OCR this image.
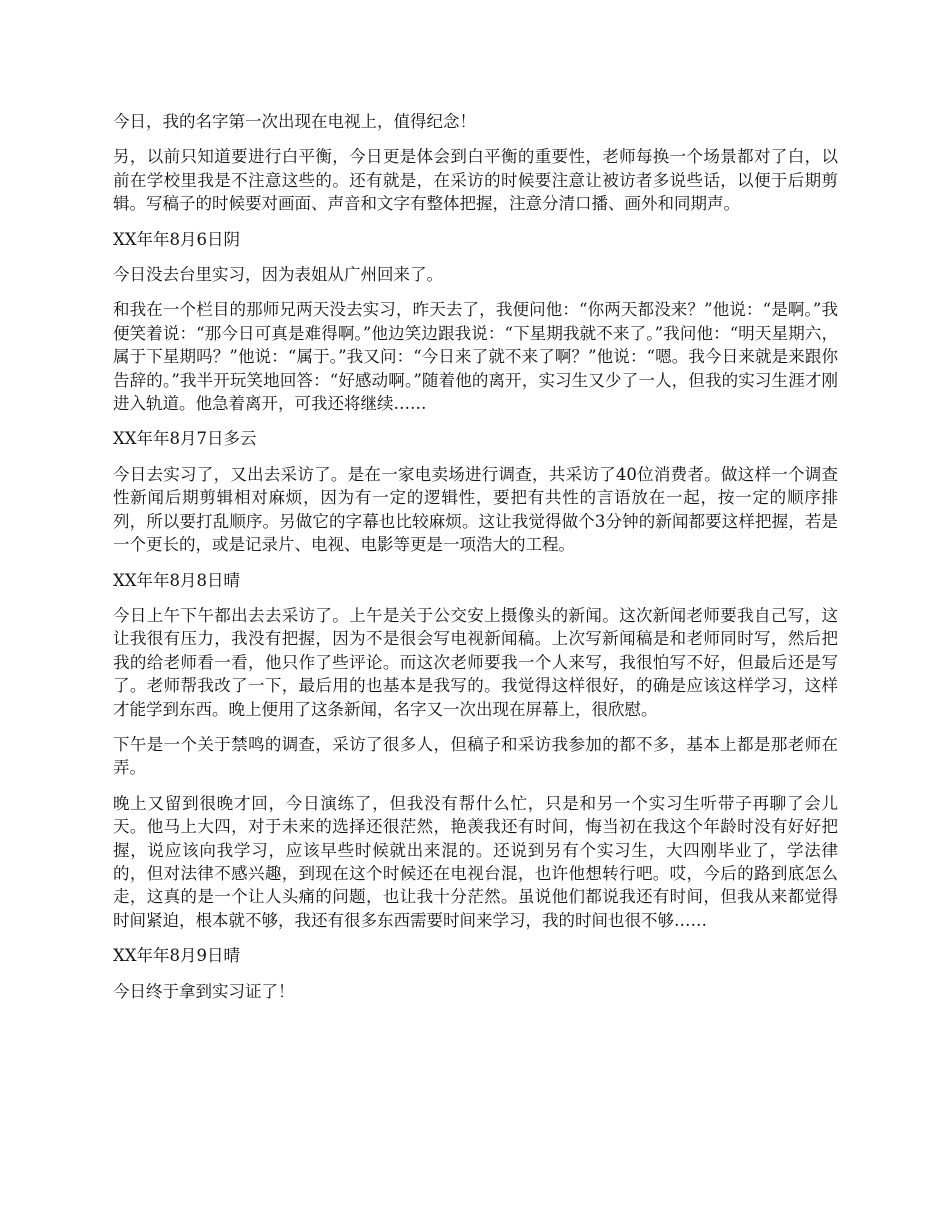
今日，我的名字第一次出现在电视上，值得纪念！

另，以前只知道要进行白平衡，今日更是体会到白平衡的重要性，老师每换一个场景都对了白，以前在学校里我是不注意这些的。还有就是，在采访的时候要注意让被访者多说些话，以便于后期剪辑。写稿子的时候要对画面、声音和文字有整体把握，注意分清口播、画外和同期声。

XX年年8月6日阴

今日没去台里实习，因为表姐从广州回来了。

和我在一个栏目的那师兄两天没去实习，昨天去了，我便问他：“你两天都没来？”他说：“是啊。”我便笑着说：“那今日可真是难得啊。”他边笑边跟我说：“下星期我就不来了。”我问他：“明天星期六，属于下星期吗？”他说：“属于。”我又问：“今日来了就不来了啊？”他说：“嗯。我今日来就是来跟你告辞的。”我半开玩笑地回答：“好感动啊。”随着他的离开，实习生又少了一人，但我的实习生涯才刚进入轨道。他急着离开，可我还将继续……

XX年年8月7日多云

今日去实习了，又出去采访了。是在一家电卖场进行调查，共采访了40位消费者。做这样一个调查性新闻后期剪辑相对麻烦，因为有一定的逻辑性，要把有共性的言语放在一起，按一定的顺序排列，所以要打乱顺序。另做它的字幕也比较麻烦。这让我觉得做个3分钟的新闻都要这样把握，若是一个更长的，或是记录片、电视、电影等更是一项浩大的工程。

XX年年8月8日晴

今日上午下午都出去去采访了。上午是关于公交安上摄像头的新闻。这次新闻老师要我自己写，这让我很有压力，我没有把握，因为不是很会写电视新闻稿。上次写新闻稿是和老师同时写，然后把我的给老师看一看，他只作了些评论。而这次老师要我一个人来写，我很怕写不好，但最后还是写了。老师帮我改了一下，最后用的也基本是我写的。我觉得这样很好，的确是应该这样学习，这样才能学到东西。晚上便用了这条新闻，名字又一次出现在屏幕上，很欣慰。

下午是一个关于禁鸣的调查，采访了很多人，但稿子和采访我参加的都不多，基本上都是那老师在弄。

晚上又留到很晚才回，今日演练了，但我没有帮什么忙，只是和另一个实习生听带子再聊了会儿天。他马上大四，对于未来的选择还很茫然，艳羡我还有时间，悔当初在我这个年龄时没有好好把握，说应该向我学习，应该早些时候就出来混的。还说到另有个实习生，大四刚毕业了，学法律的，但对法律不感兴趣，到现在这个时候还在电视台混，也许他想转行吧。哎，今后的路到底怎么走，这真的是一个让人头痛的问题，也让我十分茫然。虽说他们都说我还有时间，但我从来都觉得时间紧迫，根本就不够，我还有很多东西需要时间来学习，我的时间也很不够……

XX年年8月9日晴

今日终于拿到实习证了！
